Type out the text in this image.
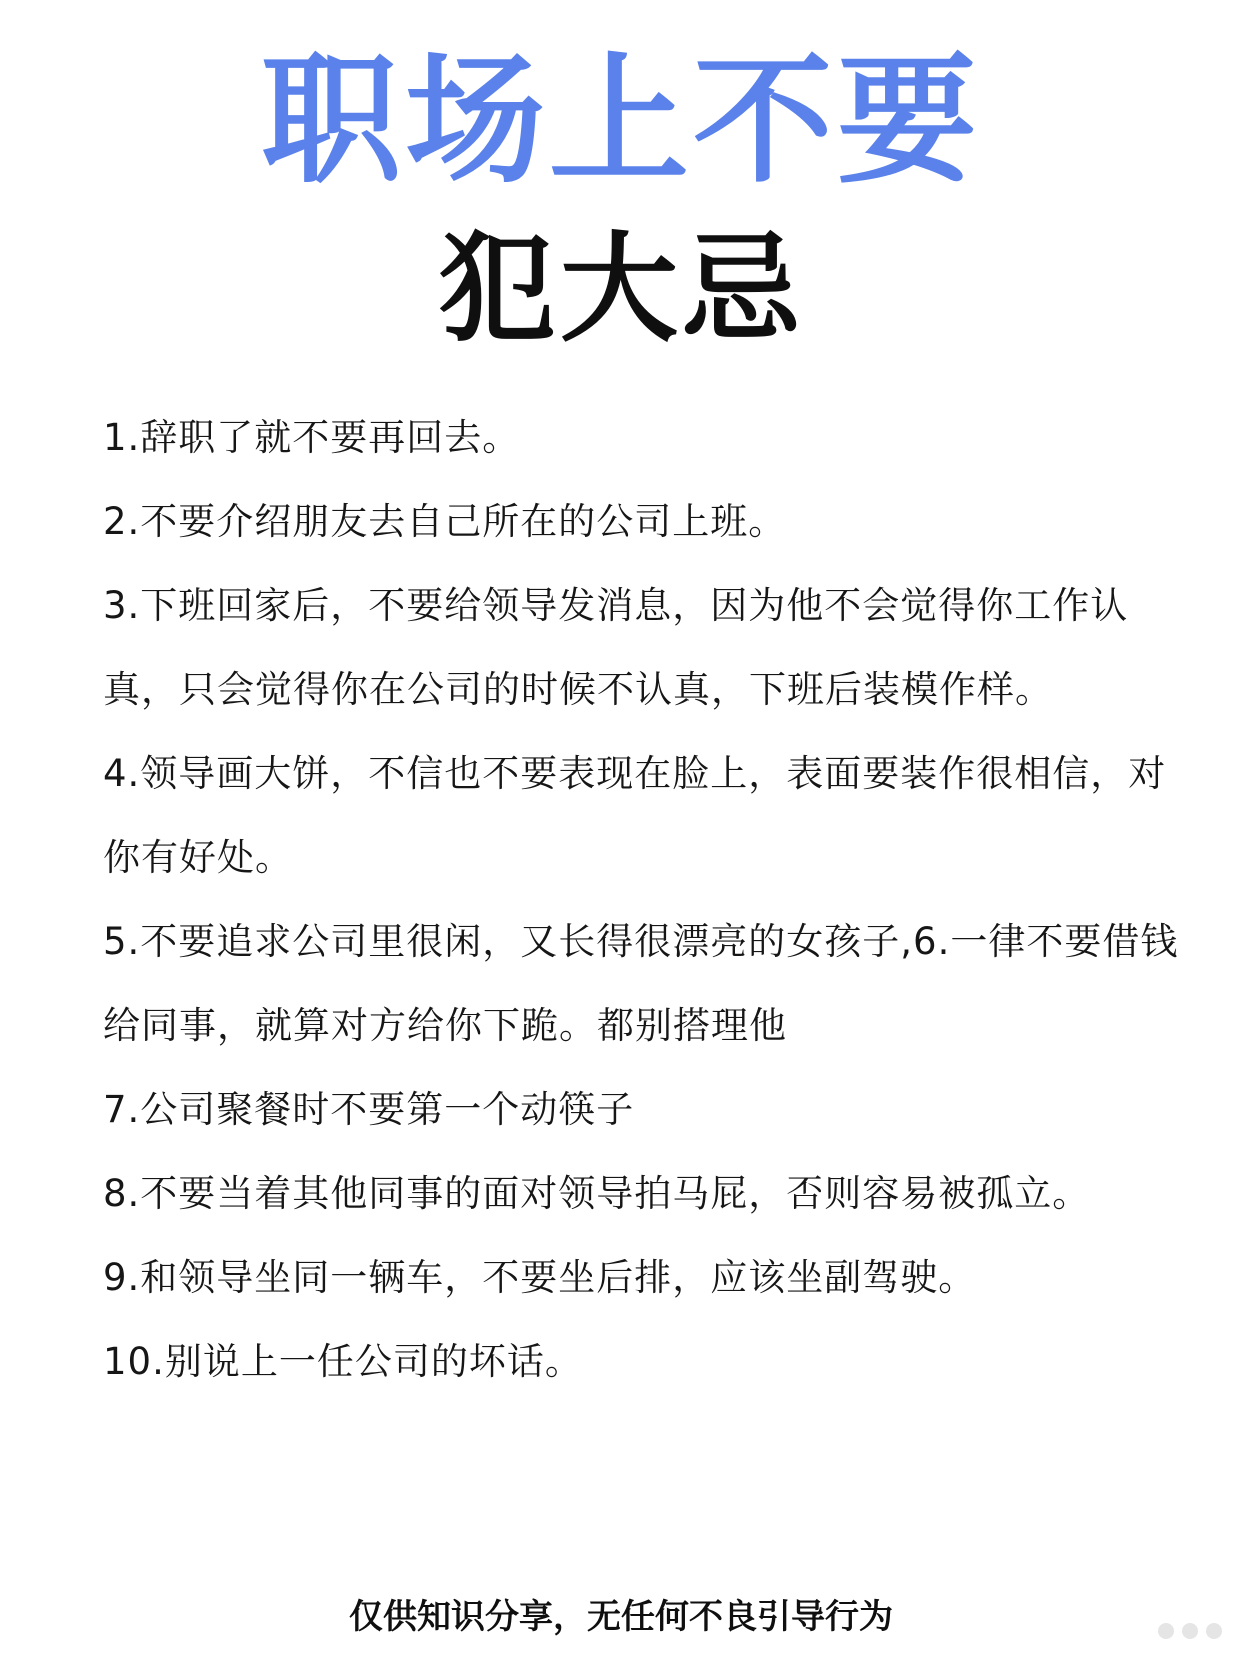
职场上不要
犯大忌
1.辞职了就不要再回去。
2.不要介绍朋友去自己所在的公司上班。
3.下班回家后，不要给领导发消息，因为他不会觉得你工作认真，只会觉得你在公司的时候不认真，下班后装模作样。
4.领导画大饼，不信也不要表现在脸上，表面要装作很相信，对你有好处。
5.不要追求公司里很闲，又长得很漂亮的女孩子,6.一律不要借钱给同事，就算对方给你下跪。都别搭理他
7.公司聚餐时不要第一个动筷子
8.不要当着其他同事的面对领导拍马屁，否则容易被孤立。
9.和领导坐同一辆车，不要坐后排，应该坐副驾驶。
10.别说上一任公司的坏话。
仅供知识分享，无任何不良引导行为
